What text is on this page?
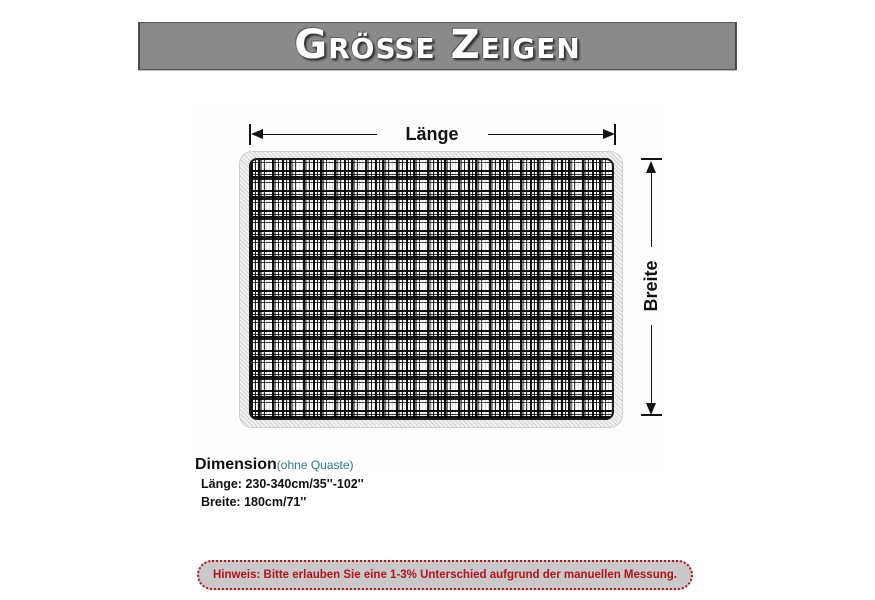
Größe Zeigen
Länge
Breite
Dimension(ohne Quaste)
Länge: 230-340cm/35''-102''
Breite: 180cm/71''
Hinweis: Bitte erlauben Sie eine 1-3% Unterschied aufgrund der manuellen Messung.
